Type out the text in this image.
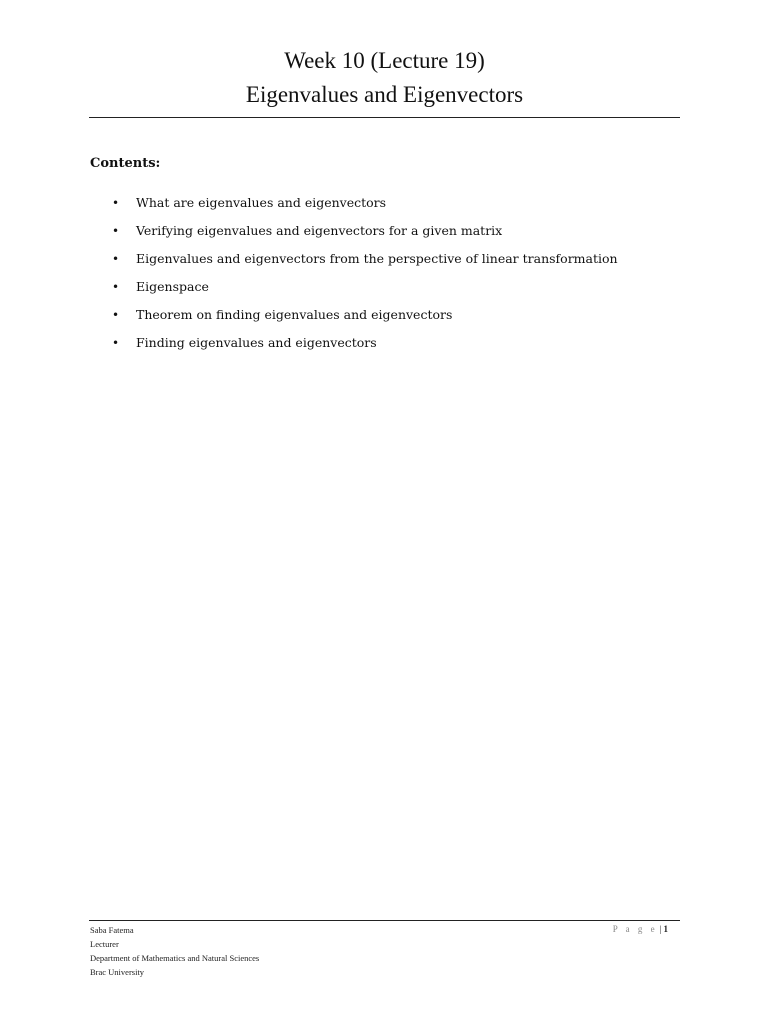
Week 10 (Lecture 19)
Eigenvalues and Eigenvectors
Contents:
• What are eigenvalues and eigenvectors
• Verifying eigenvalues and eigenvectors for a given matrix
• Eigenvalues and eigenvectors from the perspective of linear transformation
• Eigenspace
• Theorem on finding eigenvalues and eigenvectors
• Finding eigenvalues and eigenvectors
Saba Fatema
Lecturer
Department of Mathematics and Natural Sciences
Brac University
P a g e | 1
